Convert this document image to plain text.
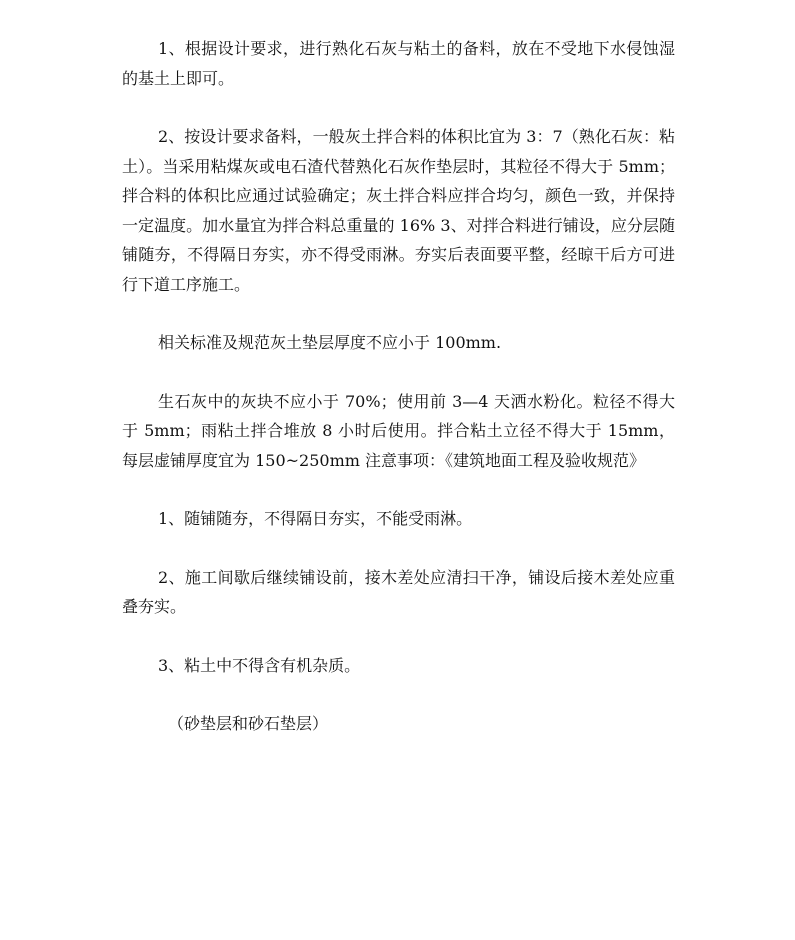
1、根据设计要求，进行熟化石灰与粘土的备料，放在不受地下水侵蚀湿的基土上即可。

2、按设计要求备料，一般灰土拌合料的体积比宜为 3：7（熟化石灰：粘土）。当采用粘煤灰或电石渣代替熟化石灰作垫层时，其粒径不得大于 5mm；拌合料的体积比应通过试验确定；灰土拌合料应拌合均匀，颜色一致，并保持一定温度。加水量宜为拌合料总重量的 16% 3、对拌合料进行铺设，应分层随铺随夯，不得隔日夯实，亦不得受雨淋。夯实后表面要平整，经晾干后方可进行下道工序施工。

相关标准及规范灰土垫层厚度不应小于 100mm.

生石灰中的灰块不应小于 70%；使用前 3—4 天洒水粉化。粒径不得大于 5mm；雨粘土拌合堆放 8 小时后使用。拌合粘土立径不得大于 15mm，每层虚铺厚度宜为 150~250mm 注意事项：《建筑地面工程及验收规范》

1、随铺随夯，不得隔日夯实，不能受雨淋。

2、施工间歇后继续铺设前，接木差处应清扫干净，铺设后接木差处应重叠夯实。

3、粘土中不得含有机杂质。

（砂垫层和砂石垫层）
